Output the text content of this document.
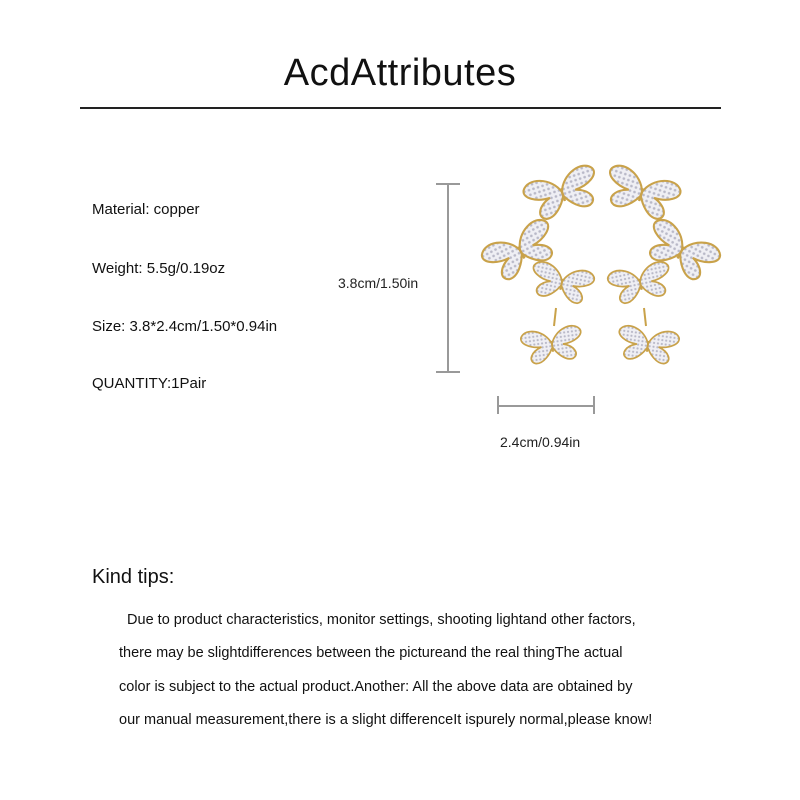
AcdAttributes
Material: copper
Weight: 5.5g/0.19oz
Size: 3.8*2.4cm/1.50*0.94in
QUANTITY:1Pair
3.8cm/1.50in
2.4cm/0.94in
Kind tips:
Due to product characteristics, monitor settings, shooting lightand other factors,
there may be slightdifferences between the pictureand the real thingThe actual
color is subject to the actual product.Another: All the above data are obtained by
our manual measurement,there is a slight differenceIt ispurely normal,please know!
